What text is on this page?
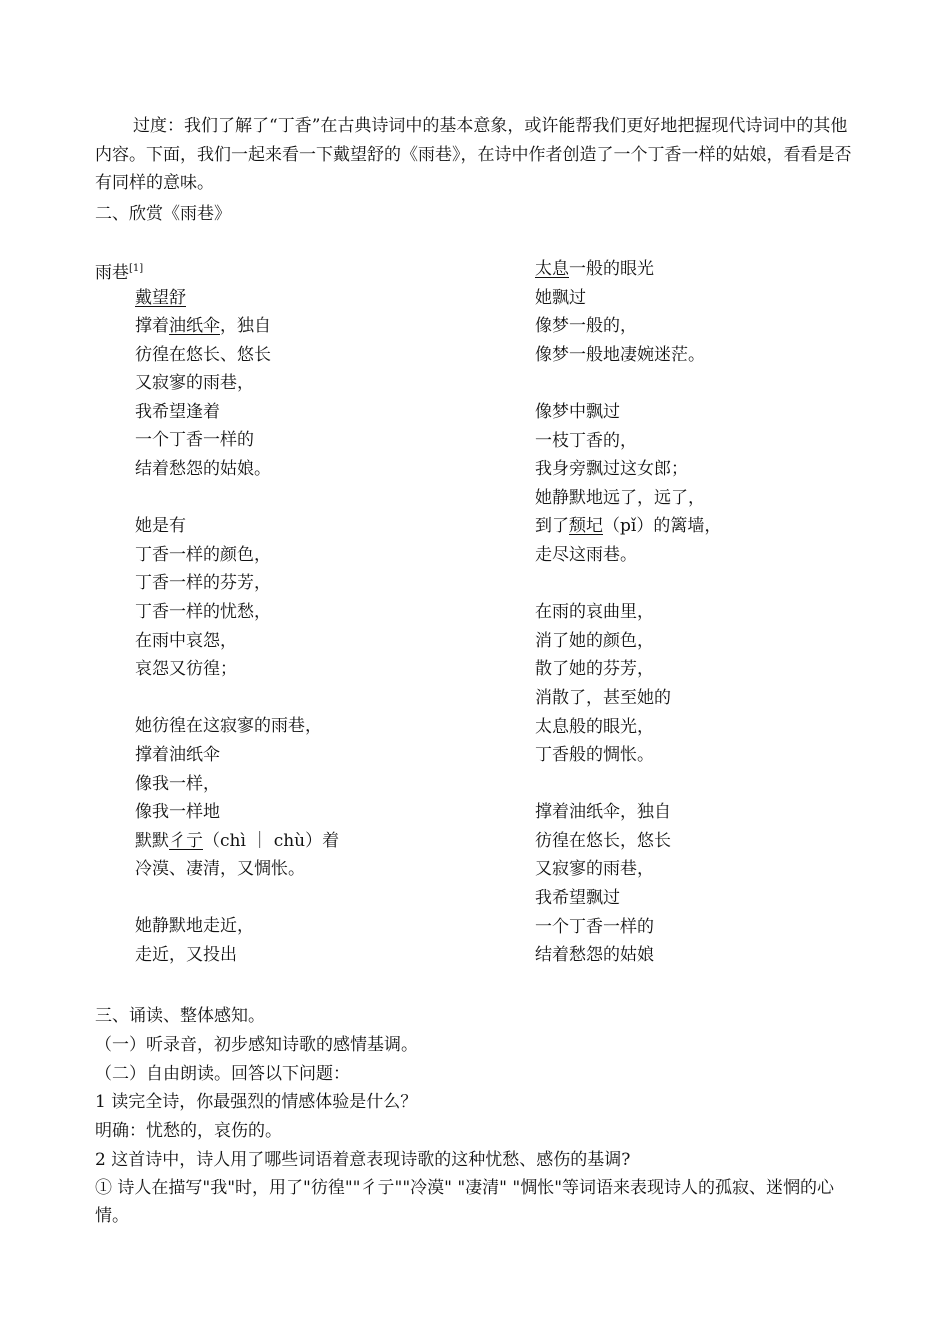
过度：我们了解了“丁香”在古典诗词中的基本意象，或许能帮我们更好地把握现代诗词中的其他内容。下面，我们一起来看一下戴望舒的《雨巷》，在诗中作者创造了一个丁香一样的姑娘，看看是否有同样的意味。
二、欣赏《雨巷》
雨巷[1]
戴望舒
撑着油纸伞，独自
彷徨在悠长、悠长
又寂寥的雨巷，
我希望逢着
一个丁香一样的
结着愁怨的姑娘。

她是有
丁香一样的颜色，
丁香一样的芬芳，
丁香一样的忧愁，
在雨中哀怨，
哀怨又彷徨；

她彷徨在这寂寥的雨巷，
撑着油纸伞
像我一样，
像我一样地
默默彳亍（chì ｜ chù）着
冷漠、凄清，又惆怅。

她静默地走近，
走近，又投出
太息一般的眼光
她飘过
像梦一般的，
像梦一般地凄婉迷茫。

像梦中飘过
一枝丁香的，
我身旁飘过这女郎；
她静默地远了，远了，
到了颓圮（pǐ）的篱墙，
走尽这雨巷。

在雨的哀曲里，
消了她的颜色，
散了她的芬芳，
消散了，甚至她的
太息般的眼光，
丁香般的惆怅。

撑着油纸伞，独自
彷徨在悠长，悠长
又寂寥的雨巷，
我希望飘过
一个丁香一样的
结着愁怨的姑娘
三、诵读、整体感知。
（一）听录音，初步感知诗歌的感情基调。
（二）自由朗读。回答以下问题：
1 读完全诗，你最强烈的情感体验是什么？
明确：忧愁的，哀伤的。
2 这首诗中，诗人用了哪些词语着意表现诗歌的这种忧愁、感伤的基调?
① 诗人在描写"我"时，用了"彷徨""彳亍""冷漠" "凄清" "惆怅"等词语来表现诗人的孤寂、迷惘的心情。
